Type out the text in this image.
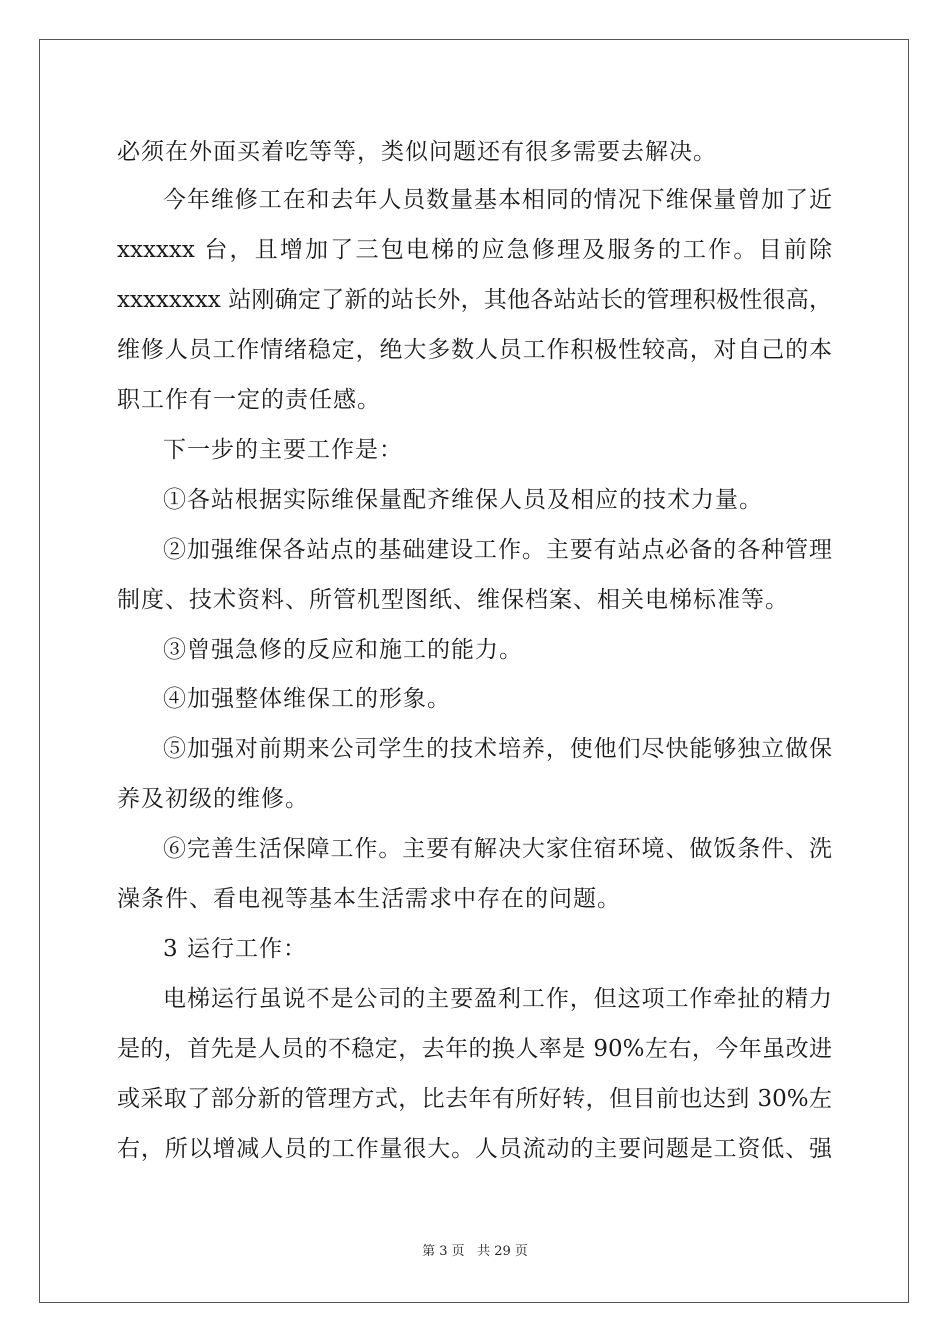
必须在外面买着吃等等，类似问题还有很多需要去解决。
今年维修工在和去年人员数量基本相同的情况下维保量曾加了近
xxxxxx 台，且增加了三包电梯的应急修理及服务的工作。目前除
xxxxxxxx 站刚确定了新的站长外，其他各站站长的管理积极性很高，
维修人员工作情绪稳定，绝大多数人员工作积极性较高，对自己的本
职工作有一定的责任感。
下一步的主要工作是：
①各站根据实际维保量配齐维保人员及相应的技术力量。
②加强维保各站点的基础建设工作。主要有站点必备的各种管理
制度、技术资料、所管机型图纸、维保档案、相关电梯标准等。
③曾强急修的反应和施工的能力。
④加强整体维保工的形象。
⑤加强对前期来公司学生的技术培养，使他们尽快能够独立做保
养及初级的维修。
⑥完善生活保障工作。主要有解决大家住宿环境、做饭条件、洗
澡条件、看电视等基本生活需求中存在的问题。
3 运行工作：
电梯运行虽说不是公司的主要盈利工作，但这项工作牵扯的精力
是的，首先是人员的不稳定，去年的换人率是 90%左右，今年虽改进
或采取了部分新的管理方式，比去年有所好转，但目前也达到 30%左
右，所以增减人员的工作量很大。人员流动的主要问题是工资低、强
第 3 页 共 29 页
